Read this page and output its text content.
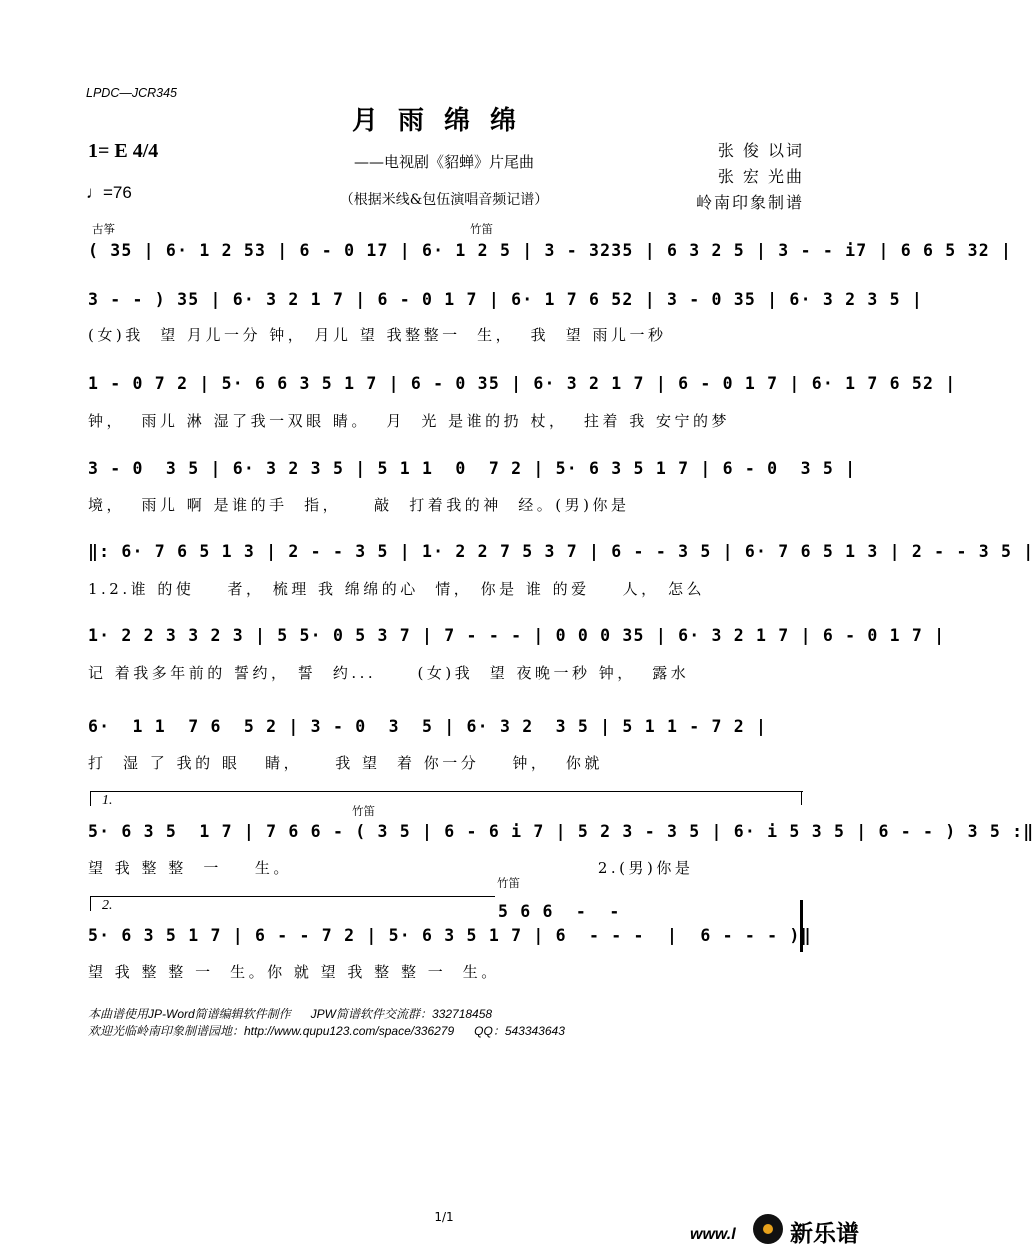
LPDC—JCR345
月雨绵绵
——电视剧《貂蝉》片尾曲
（根据米线&包伍演唱音频记谱）
1= E 4/4
♩=76
张 俊 以词
张 宏 光曲
岭南印象制谱
古筝	竹笛
( 35 | 6· 1 2 53 | 6 - 0 17 | 6· 1 2 5 | 3 - 3235 | 6 3 2 5 | 3 - - i7 | 6 6 5 32 |
3 - - ) 35 | 6· 3 2 1 7 | 6 - 0 1 7 | 6· 1 7 6 52 | 3 - 0 35 | 6· 3 2 3 5 |
(女)我  望 月儿一分 钟， 月儿 望 我整整一  生，  我  望 雨儿一秒
1 - 0 7 2 | 5· 6 6 3 5 1 7 | 6 - 0 35 | 6· 3 2 1 7 | 6 - 0 1 7 | 6· 1 7 6 52 |
钟，  雨儿 淋 湿了我一双眼 睛。  月  光 是谁的扔 杖，  拄着 我 安宁的梦
3 - 0  3 5 | 6· 3 2 3 5 | 5 1 1  0  7 2 | 5· 6 3 5 1 7 | 6 - 0  3 5 |
境，  雨儿 啊 是谁的手  指，    敲  打着我的神  经。(男)你是
‖: 6· 7 6 5 1 3 | 2 - - 3 5 | 1· 2 2 7 5 3 7 | 6 - - 3 5 | 6· 7 6 5 1 3 | 2 - - 3 5 |
1.2.谁 的使    者， 梳理 我 绵绵的心  情， 你是 谁 的爱    人， 怎么
1· 2 2 3 3 2 3 | 5 5· 0 5 3 7 | 7 - - - | 0 0 0 35 | 6· 3 2 1 7 | 6 - 0 1 7 |
记 着我多年前的 誓约， 誓  约...     (女)我  望 夜晚一秒 钟，  露水
6·  1 1  7 6  5 2 | 3 - 0  3  5 | 6· 3 2  3 5 | 5 1 1 - 7 2 |
打  湿 了 我的 眼   睛，    我 望  着 你一分    钟，  你就
1.
竹笛
5· 6 3 5  1 7 | 7 6 6 - ( 3 5 | 6 - 6 i 7 | 5 2 3 - 3 5 | 6· i 5 3 5 | 6 - - ) 3 5 :‖
望 我 整 整  一    生。                                     2.(男)你是
竹笛
2.	5 6 6  -  -
5· 6 3 5 1 7 | 6 - - 7 2 | 5· 6 3 5 1 7 | 6  - - -  |  6 - - - )‖
望 我 整 整 一  生。你 就 望 我 整 整 一  生。
本曲谱使用JP-Word简谱编辑软件制作      JPW简谱软件交流群：332718458
欢迎光临岭南印象制谱园地：http://www.qupu123.com/space/336279      QQ：543343643
1/1
www.l 新乐谱
